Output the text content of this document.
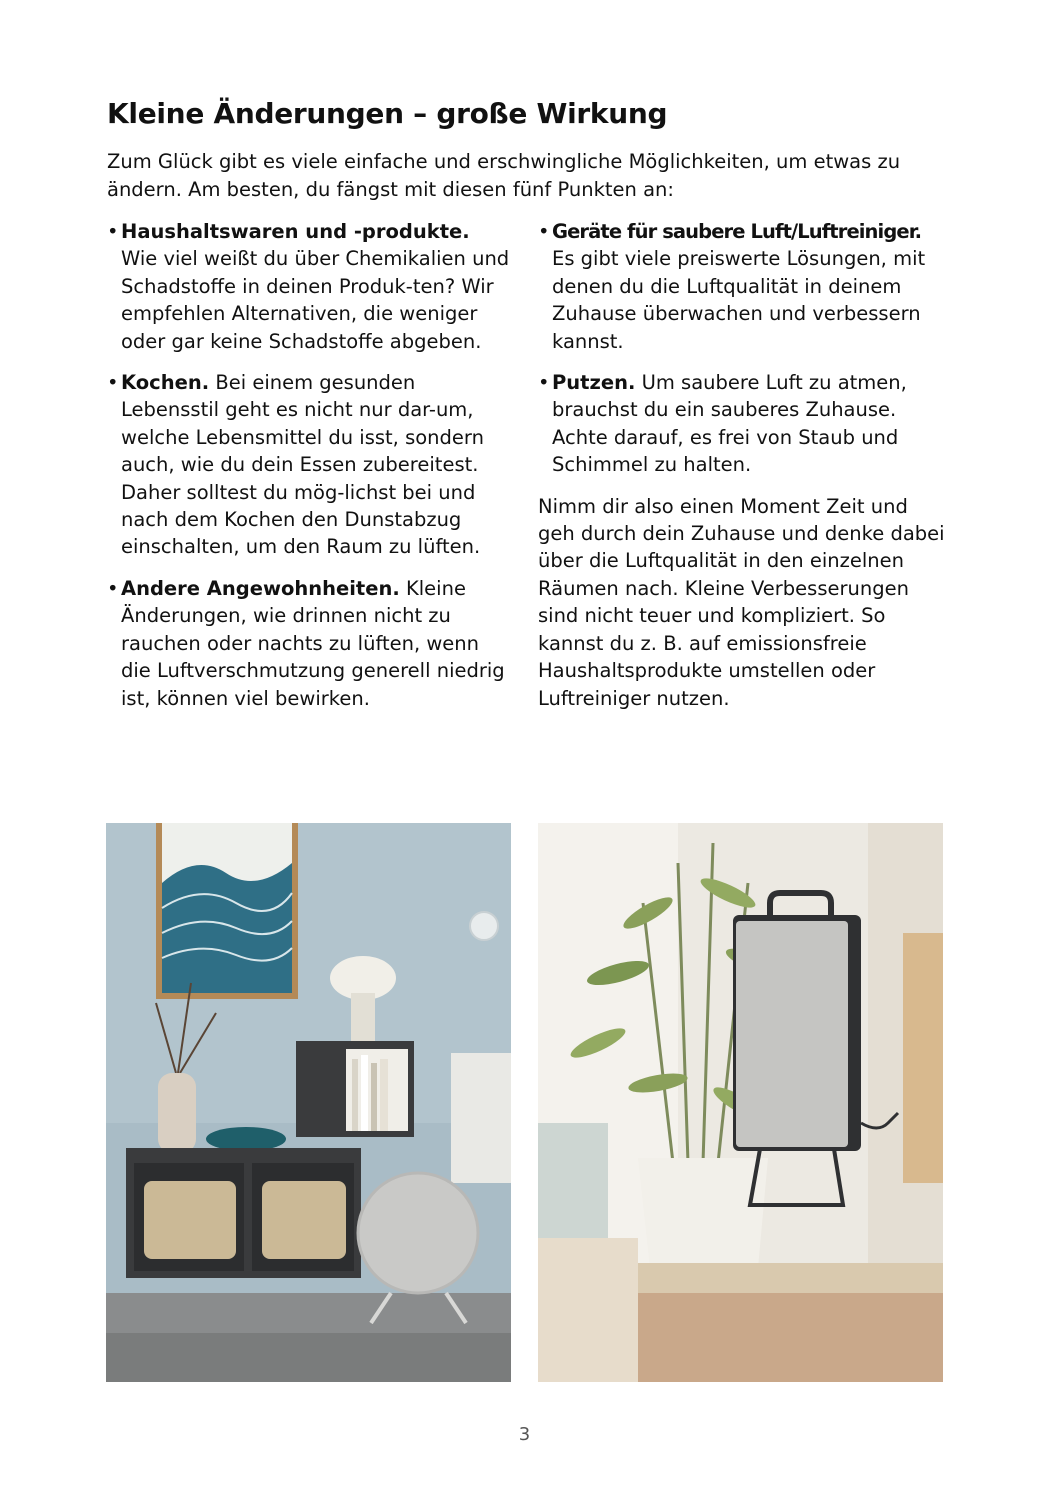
Kleine Änderungen – große Wirkung

Zum Glück gibt es viele einfache und erschwingliche Möglichkeiten, um etwas zu ändern. Am besten, du fängst mit diesen fünf Punkten an:

• Haushaltswaren und -produkte. Wie viel weißt du über Chemikalien und Schadstoffe in deinen Produk-ten? Wir empfehlen Alternativen, die weniger oder gar keine Schadstoffe abgeben.
• Kochen. Bei einem gesunden Lebensstil geht es nicht nur dar-um, welche Lebensmittel du isst, sondern auch, wie du dein Essen zubereitest. Daher solltest du mög-lichst bei und nach dem Kochen den Dunstabzug einschalten, um den Raum zu lüften.
• Andere Angewohnheiten. Kleine Änderungen, wie drinnen nicht zu rauchen oder nachts zu lüften, wenn die Luftverschmutzung generell niedrig ist, können viel bewirken.
• Geräte für saubere Luft/Luftreiniger. Es gibt viele preiswerte Lösungen, mit denen du die Luftqualität in deinem Zuhause überwachen und verbessern kannst.
• Putzen. Um saubere Luft zu atmen, brauchst du ein sauberes Zuhause. Achte darauf, es frei von Staub und Schimmel zu halten.

Nimm dir also einen Moment Zeit und geh durch dein Zuhause und denke dabei über die Luftqualität in den einzelnen Räumen nach. Kleine Verbesserungen sind nicht teuer und kompliziert. So kannst du z. B. auf emissionsfreie Haushaltsprodukte umstellen oder Luftreiniger nutzen.

3
